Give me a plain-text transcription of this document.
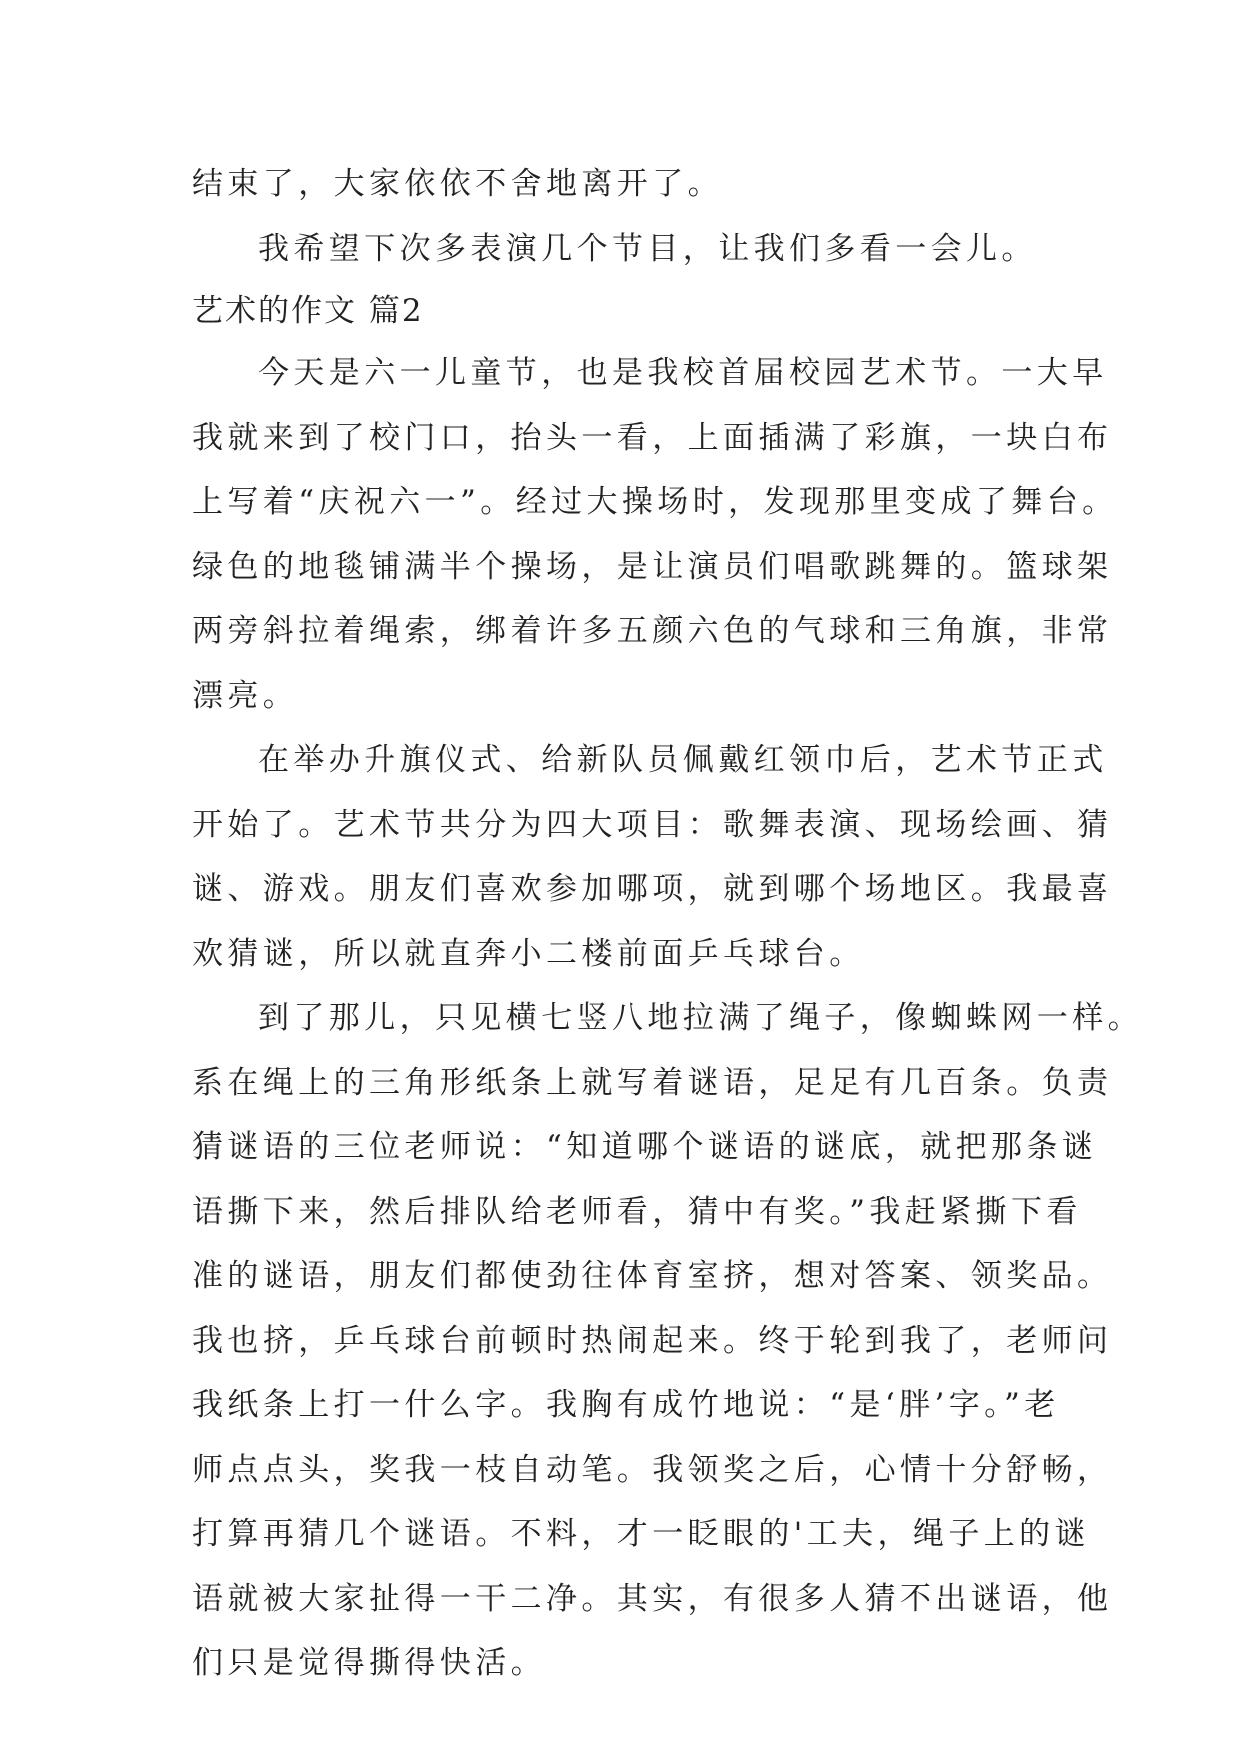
结束了，大家依依不舍地离开了。
我希望下次多表演几个节目，让我们多看一会儿。
艺术的作文 篇2
今天是六一儿童节，也是我校首届校园艺术节。一大早
我就来到了校门口，抬头一看，上面插满了彩旗，一块白布
上写着“庆祝六一”。经过大操场时，发现那里变成了舞台。
绿色的地毯铺满半个操场，是让演员们唱歌跳舞的。篮球架
两旁斜拉着绳索，绑着许多五颜六色的气球和三角旗，非常
漂亮。
在举办升旗仪式、给新队员佩戴红领巾后，艺术节正式
开始了。艺术节共分为四大项目：歌舞表演、现场绘画、猜
谜、游戏。朋友们喜欢参加哪项，就到哪个场地区。我最喜
欢猜谜，所以就直奔小二楼前面乒乓球台。
到了那儿，只见横七竖八地拉满了绳子，像蜘蛛网一样。
系在绳上的三角形纸条上就写着谜语，足足有几百条。负责
猜谜语的三位老师说：“知道哪个谜语的谜底，就把那条谜
语撕下来，然后排队给老师看，猜中有奖。”我赶紧撕下看
准的谜语，朋友们都使劲往体育室挤，想对答案、领奖品。
我也挤，乒乓球台前顿时热闹起来。终于轮到我了，老师问
我纸条上打一什么字。我胸有成竹地说：“是‘胖’字。”老
师点点头，奖我一枝自动笔。我领奖之后，心情十分舒畅，
打算再猜几个谜语。不料，才一眨眼的'工夫，绳子上的谜
语就被大家扯得一干二净。其实，有很多人猜不出谜语，他
们只是觉得撕得快活。
